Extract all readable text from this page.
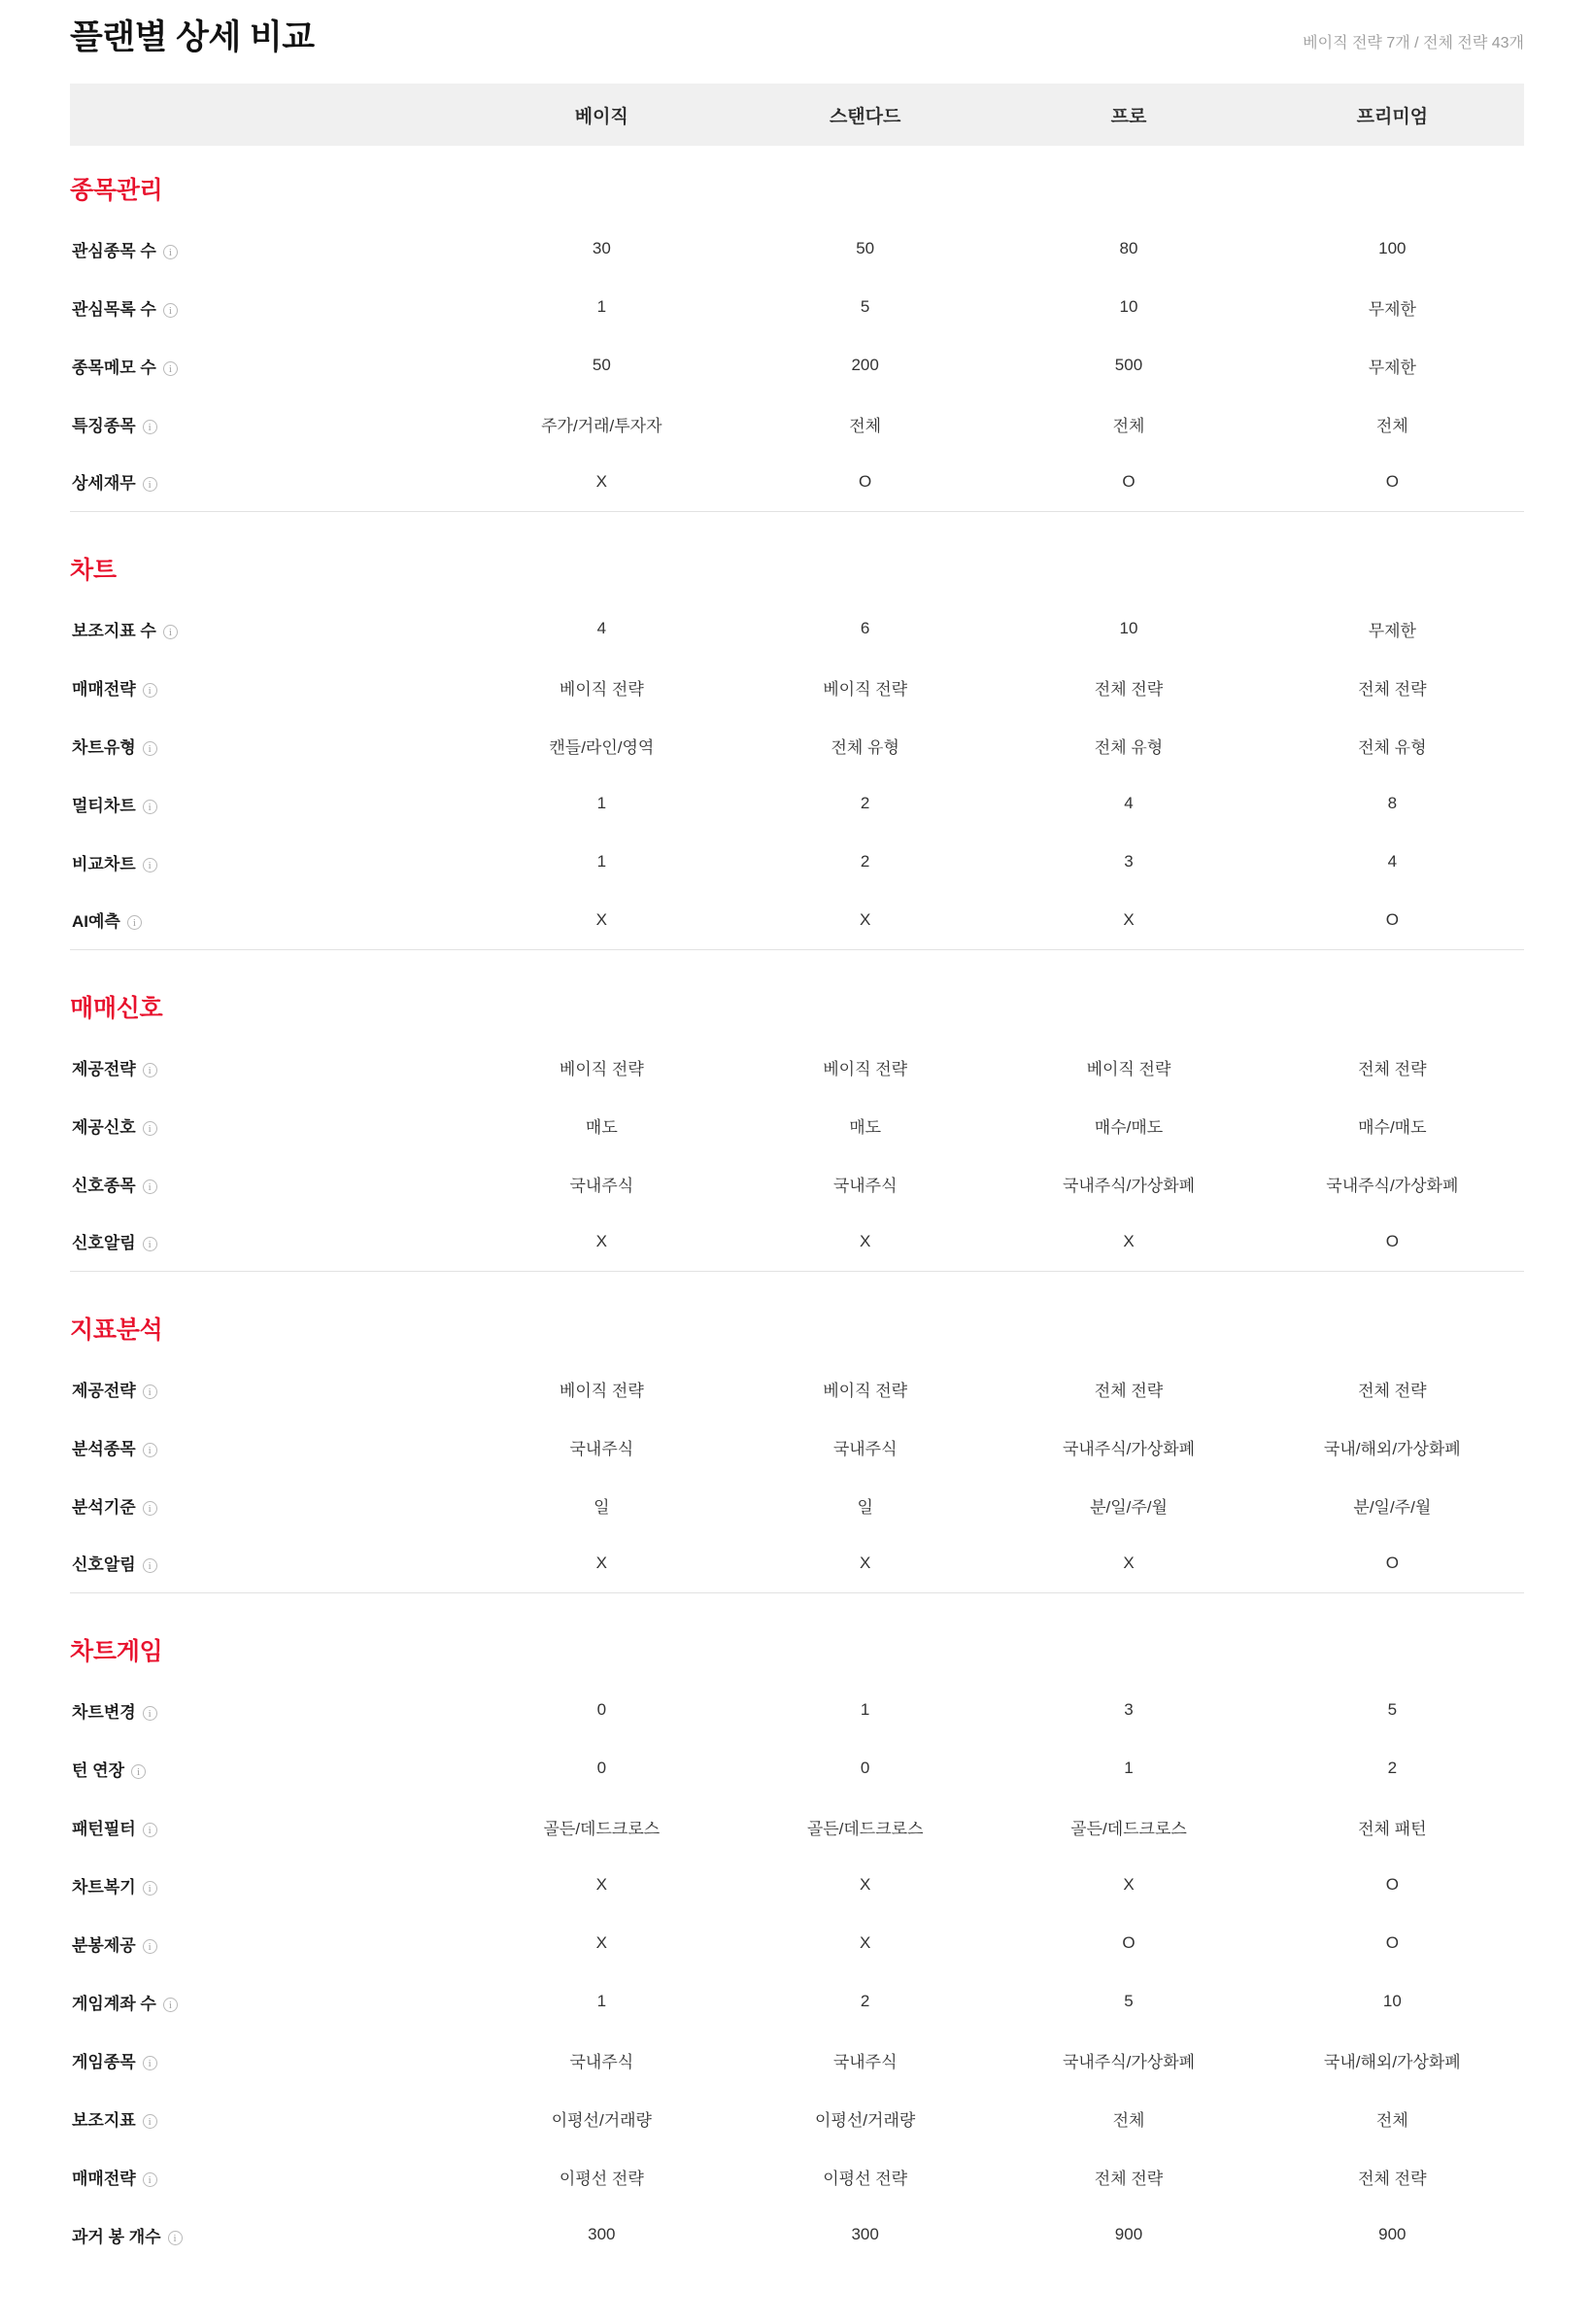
플랜별 상세 비교	베이직 전략 7개 / 전체 전략 43개
	베이직	스탠다드	프로	프리미엄
종목관리				
관심종목 수 i	30	50	80	100
관심목록 수 i	1	5	10	무제한
종목메모 수 i	50	200	500	무제한
특징종목 i	주가/거래/투자자	전체	전체	전체
상세재무 i	X	O	O	O

차트				
보조지표 수 i	4	6	10	무제한
매매전략 i	베이직 전략	베이직 전략	전체 전략	전체 전략
차트유형 i	캔들/라인/영역	전체 유형	전체 유형	전체 유형
멀티차트 i	1	2	4	8
비교차트 i	1	2	3	4
AI예측 i	X	X	X	O

매매신호				
제공전략 i	베이직 전략	베이직 전략	베이직 전략	전체 전략
제공신호 i	매도	매도	매수/매도	매수/매도
신호종목 i	국내주식	국내주식	국내주식/가상화폐	국내주식/가상화폐
신호알림 i	X	X	X	O

지표분석				
제공전략 i	베이직 전략	베이직 전략	전체 전략	전체 전략
분석종목 i	국내주식	국내주식	국내주식/가상화폐	국내/해외/가상화폐
분석기준 i	일	일	분/일/주/월	분/일/주/월
신호알림 i	X	X	X	O

차트게임				
차트변경 i	0	1	3	5
턴 연장 i	0	0	1	2
패턴필터 i	골든/데드크로스	골든/데드크로스	골든/데드크로스	전체 패턴
차트복기 i	X	X	X	O
분봉제공 i	X	X	O	O
게임계좌 수 i	1	2	5	10
게임종목 i	국내주식	국내주식	국내주식/가상화폐	국내/해외/가상화폐
보조지표 i	이평선/거래량	이평선/거래량	전체	전체
매매전략 i	이평선 전략	이평선 전략	전체 전략	전체 전략
과거 봉 개수 i	300	300	900	900
